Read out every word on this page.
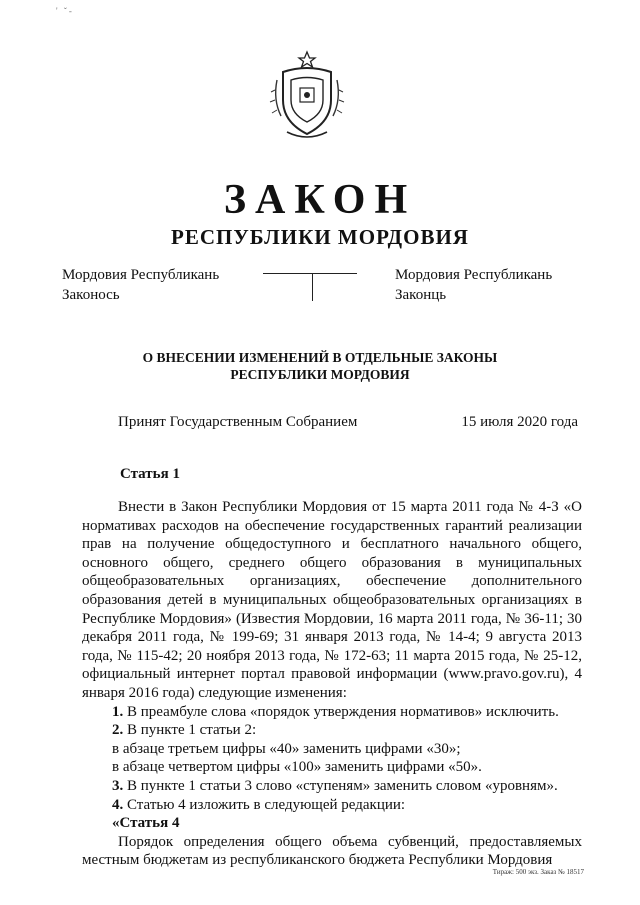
' ˇ-
ЗАКОН
РЕСПУБЛИКИ МОРДОВИЯ
Мордовия Республикань
Законось
Мордовия Республикань
Законць
О ВНЕСЕНИИ ИЗМЕНЕНИЙ В ОТДЕЛЬНЫЕ ЗАКОНЫ
РЕСПУБЛИКИ МОРДОВИЯ
Принят Государственным Собранием	15 июля 2020 года
Статья 1

Внести в Закон Республики Мордовия от 15 марта 2011 года № 4-З «О нормативах расходов на обеспечение государственных гарантий реализации прав на получение общедоступного и бесплатного начального общего, основного общего, среднего общего образования в муниципальных общеобразовательных организациях, обеспечение дополнительного образования детей в муниципальных общеобразовательных организациях в Республике Мордовия» (Известия Мордовии, 16 марта 2011 года, № 36-11; 30 декабря 2011 года, № 199-69; 31 января 2013 года, № 14-4; 9 августа 2013 года, № 115-42; 20 ноября 2013 года, № 172-63; 11 марта 2015 года, № 25-12, официальный интернет портал правовой информации (www.pravo.gov.ru), 4 января 2016 года) следующие изменения:

1. В преамбуле слова «порядок утверждения нормативов» исключить.

2. В пункте 1 статьи 2:

в абзаце третьем цифры «40» заменить цифрами «30»;

в абзаце четвертом цифры «100» заменить цифрами «50».

3. В пункте 1 статьи 3 слово «ступеням» заменить словом «уровням».

4. Статью 4 изложить в следующей редакции:

«Статья 4

Порядок определения общего объема субвенций, предоставляемых местным бюджетам из республиканского бюджета Республики Мордовия

Тираж: 500 экз. Заказ № 18517
